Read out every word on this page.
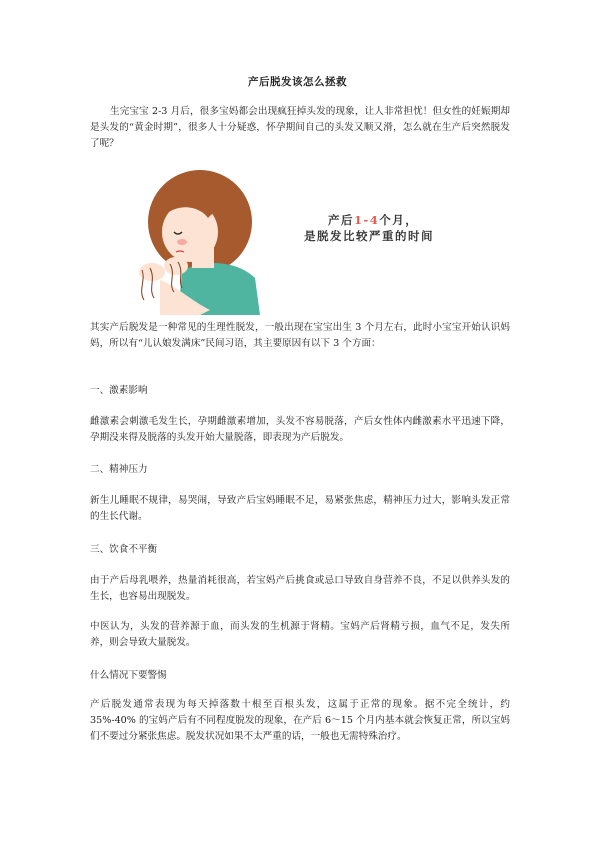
产后脱发该怎么拯救

生完宝宝 2-3 月后，很多宝妈都会出现疯狂掉头发的现象，让人非常担忧！但女性的妊娠期却是头发的“黄金时期”，很多人十分疑惑，怀孕期间自己的头发又顺又滑，怎么就在生产后突然脱发了呢？

产后1-4个月，
是脱发比较严重的时间

其实产后脱发是一种常见的生理性脱发，一般出现在宝宝出生 3 个月左右，此时小宝宝开始认识妈妈，所以有“儿认娘发满床”民间习语，其主要原因有以下 3 个方面：

一、激素影响

雌激素会刺激毛发生长，孕期雌激素增加，头发不容易脱落，产后女性体内雌激素水平迅速下降，孕期没来得及脱落的头发开始大量脱落，即表现为产后脱发。

二、精神压力

新生儿睡眠不规律，易哭闹，导致产后宝妈睡眠不足，易紧张焦虑，精神压力过大，影响头发正常的生长代谢。

三、饮食不平衡

由于产后母乳喂养，热量消耗很高，若宝妈产后挑食或忌口导致自身营养不良，不足以供养头发的生长，也容易出现脱发。

中医认为，头发的营养源于血，而头发的生机源于肾精。宝妈产后肾精亏损，血气不足，发失所养，则会导致大量脱发。

什么情况下要警惕

产后脱发通常表现为每天掉落数十根至百根头发，这属于正常的现象。据不完全统计，约 35%-40% 的宝妈产后有不同程度脱发的现象，在产后 6～15 个月内基本就会恢复正常，所以宝妈们不要过分紧张焦虑。脱发状况如果不太严重的话，一般也无需特殊治疗。
